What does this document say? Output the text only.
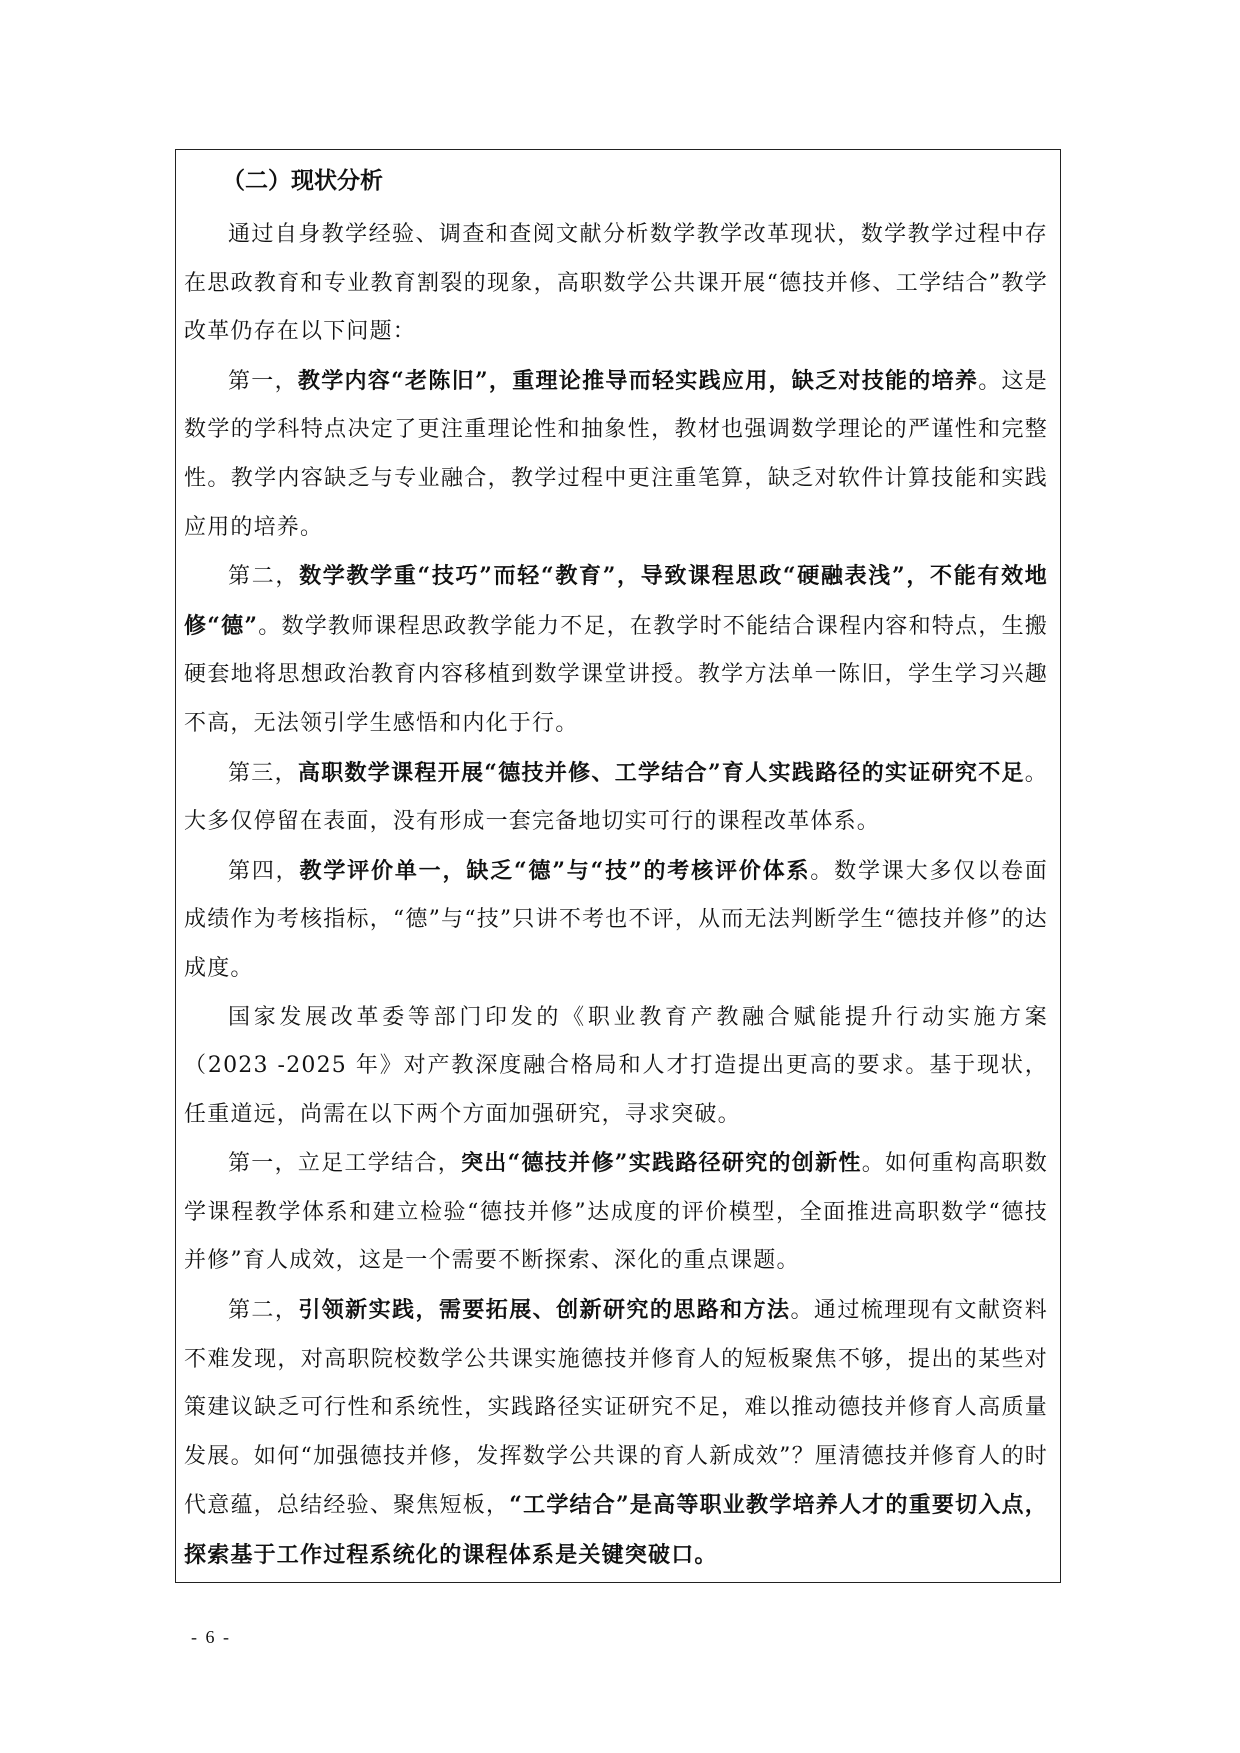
（二）现状分析

通过自身教学经验、调查和查阅文献分析数学教学改革现状，数学教学过程中存在思政教育和专业教育割裂的现象，高职数学公共课开展“德技并修、工学结合”教学改革仍存在以下问题：

第一，教学内容“老陈旧”，重理论推导而轻实践应用，缺乏对技能的培养。这是数学的学科特点决定了更注重理论性和抽象性，教材也强调数学理论的严谨性和完整性。教学内容缺乏与专业融合，教学过程中更注重笔算，缺乏对软件计算技能和实践应用的培养。

第二，数学教学重“技巧”而轻“教育”，导致课程思政“硬融表浅”，不能有效地修“德”。数学教师课程思政教学能力不足，在教学时不能结合课程内容和特点，生搬硬套地将思想政治教育内容移植到数学课堂讲授。教学方法单一陈旧，学生学习兴趣不高，无法领引学生感悟和内化于行。

第三，高职数学课程开展“德技并修、工学结合”育人实践路径的实证研究不足。大多仅停留在表面，没有形成一套完备地切实可行的课程改革体系。

第四，教学评价单一，缺乏“德”与“技”的考核评价体系。数学课大多仅以卷面成绩作为考核指标，“德”与“技”只讲不考也不评，从而无法判断学生“德技并修”的达成度。

国家发展改革委等部门印发的《职业教育产教融合赋能提升行动实施方案（2023 -2025 年》对产教深度融合格局和人才打造提出更高的要求。基于现状，任重道远，尚需在以下两个方面加强研究，寻求突破。

第一，立足工学结合，突出“德技并修”实践路径研究的创新性。如何重构高职数学课程教学体系和建立检验“德技并修”达成度的评价模型，全面推进高职数学“德技并修”育人成效，这是一个需要不断探索、深化的重点课题。

第二，引领新实践，需要拓展、创新研究的思路和方法。通过梳理现有文献资料不难发现，对高职院校数学公共课实施德技并修育人的短板聚焦不够，提出的某些对策建议缺乏可行性和系统性，实践路径实证研究不足，难以推动德技并修育人高质量发展。如何“加强德技并修，发挥数学公共课的育人新成效”？厘清德技并修育人的时代意蕴，总结经验、聚焦短板，“工学结合”是高等职业教学培养人才的重要切入点，探索基于工作过程系统化的课程体系是关键突破口。

- 6 -
